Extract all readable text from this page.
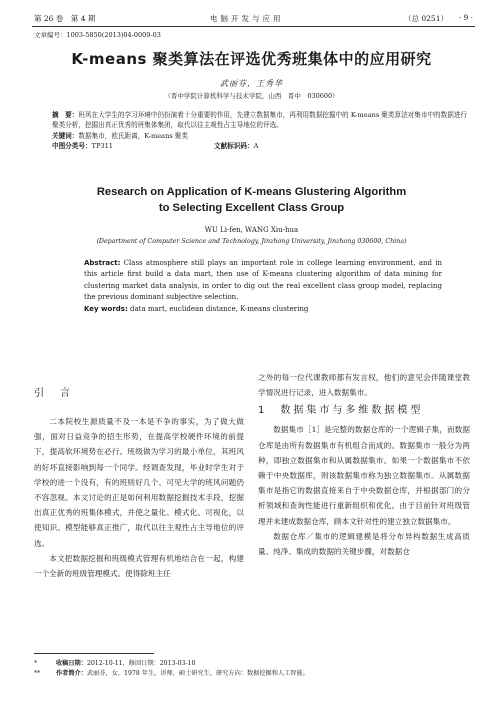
第 26 卷　第 4 期	电脑开发与应用	（总 0251） · 9 ·
文章编号：1003-5850(2013)04-0009-03
K-means 聚类算法在评选优秀班集体中的应用研究
武丽芬，王秀华
（晋中学院计算机科学与技术学院，山西　晋中　030600）

摘　要：班风在大学生的学习环境中仍扮演着十分重要的作用，先建立数据集市，再利用数据挖掘中的 K-means 聚类算法对集市中的数据进行聚类分析，挖掘出真正优秀的班集体集团，取代以往主观性占主导地位的评选。

关键词：数据集市，欧氏距离，K-means 聚类

中图分类号：TP311	文献标识码：A

Research on Application of K-means Glustering Algorithm
to Selecting Excellent Class Group
WU Li-fen, WANG Xiu-hua
(Department of Computer Science and Technology, Jinzhong University, Jinzhong 030600, China)

Abstract: Class atmosphere still plays an important role in college learning environment, and in this article first build a data mart, then use of K-means clustering algorithm of data mining for clustering market data analysis, in order to dig out the real excellent class group model, replacing the previous dominant subjective selection.

Key words: data mart, euclidean distance, K-means clustering

引　言

二本院校生源质量不及一本是不争的事实，为了做大做强，面对日益竞争的招生形势，在提高学校硬件环境的前提下，提高软环境势在必行。班级做为学习的最小单位，其班风的好坏直接影响到每一个同学。经调查发现，毕业时学生对于学校的进一个没有，有的班则好几个、可见大学的班风问题仍不容忽视。本文讨论的正是如何利用数据挖掘技术手段，挖掘出真正优秀的班集体模式，并使之量化、模式化、可视化，以使知识、模型能够真正推广，取代以往主观性占主导地位的评选。

本文把数据挖掘和班级模式管理有机地结合在一起，构建一个全新的班级管理模式。使得除班主任

之外的每一位代课教师都有发言权，他们的意见会伴随课堂教学情况进行记录，进入数据集市。

1　数据集市与多维数据模型

数据集市［1］是完整的数据仓库的一个逻辑子集，而数据仓库是由所有数据集市有机组合而成的。数据集市一般分为两种，即独立数据集市和从属数据集市。如果一个数据集市不依赖于中央数据库，则该数据集市称为独立数据集市。从属数据集市是指它的数据直接来自于中央数据仓库，并根据部门的分析领域和查询性能进行重新组织和优化。由于目前针对班级管理并未建成数据仓库，顾本文针对性的建立独立数据集市。

数据仓库／集市的逻辑建模是将分布异构数据生成高质量、纯净、集成的数据的关键步骤，对数据仓

*	收稿日期：2012-10-11，修回日期：2013-03-10
**	作者简介：武丽芬，女，1978 年生，讲师，硕士研究生，研究方向：数据挖掘和人工智能。
